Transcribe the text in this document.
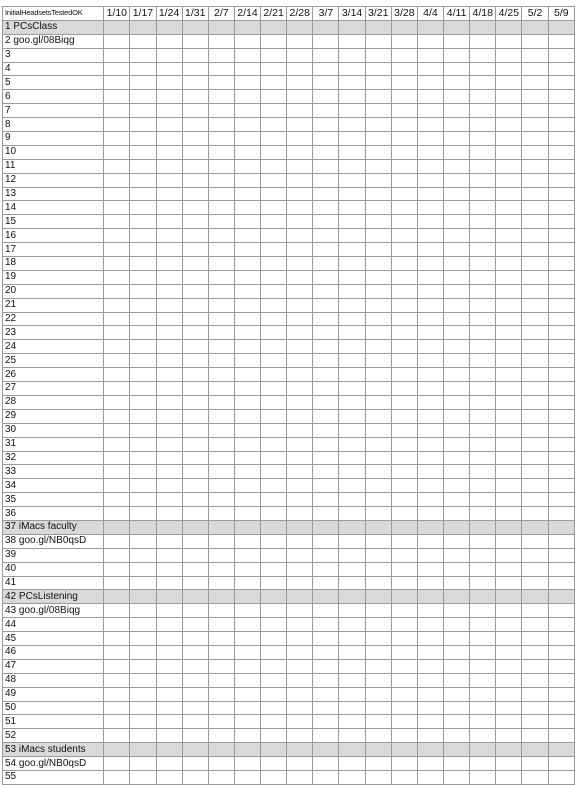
InitialHeadsetsTestedOK	1/10	1/17	1/24	1/31	2/7	2/14	2/21	2/28	3/7	3/14	3/21	3/28	4/4	4/11	4/18	4/25	5/2	5/9
1 PCsClass																		
2 goo.gl/08Biqg																		
3																		
4																		
5																		
6																		
7																		
8																		
9																		
10																		
11																		
12																		
13																		
14																		
15																		
16																		
17																		
18																		
19																		
20																		
21																		
22																		
23																		
24																		
25																		
26																		
27																		
28																		
29																		
30																		
31																		
32																		
33																		
34																		
35																		
36																		
37 iMacs faculty																		
38 goo.gl/NB0qsD																		
39																		
40																		
41																		
42 PCsListening																		
43 goo.gl/08Biqg																		
44																		
45																		
46																		
47																		
48																		
49																		
50																		
51																		
52																		
53 iMacs students																		
54 goo.gl/NB0qsD																		
55																		
